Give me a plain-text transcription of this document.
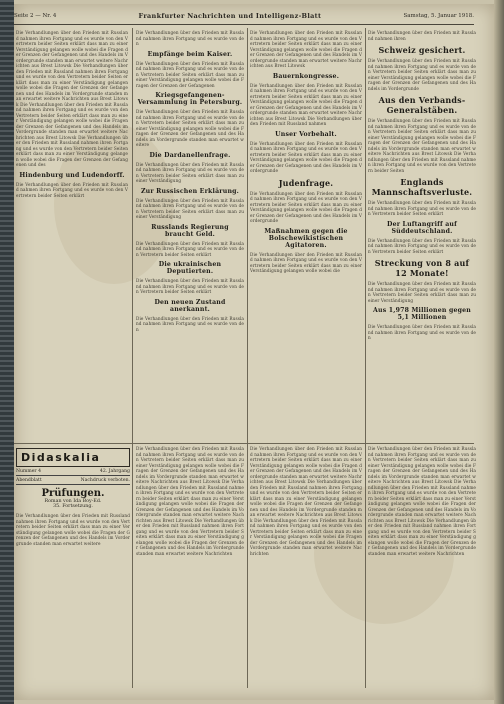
Seite 2 — Nr. 4	Frankfurter Nachrichten und Intelligenz-Blatt	Samstag, 5. Januar 1918.
Die Verhandlungen über den Frieden mit Russland nahmen ihren Fortgang und es wurde von den Vertretern beider Seiten erklärt dass man zu einer Verständigung gelangen wolle wobei die Fragen der Grenzen der Gefangenen und des Handels im Vordergrunde standen man erwartet weitere Nachrichten aus Brest Litowsk Die Verhandlungen über den Frieden mit Russland nahmen ihren Fortgang und es wurde von den Vertretern beider Seiten erklärt dass man zu einer Verständigung gelangen wolle wobei die Fragen der Grenzen der Gefangenen und des Handels im Vordergrunde standen man erwartet weitere Nachrichten aus Brest Litowsk Die Verhandlungen über den Frieden mit Russland nahmen ihren Fortgang und es wurde von den Vertretern beider Seiten erklärt dass man zu einer Verständigung gelangen wolle wobei die Fragen der Grenzen der Gefangenen und des Handels im Vordergrunde standen man erwartet weitere Nachrichten aus Brest Litowsk Die Verhandlungen über den Frieden mit Russland nahmen ihren Fortgang und es wurde von den Vertretern beider Seiten erklärt dass man zu einer Verständigung gelangen wolle wobei die Fragen der Grenzen der Gefangenen und des
Hindenburg und Ludendorff.
Die Verhandlungen über den Frieden mit Russland nahmen ihren Fortgang und es wurde von den Vertretern beider Seiten erklärt
Die Verhandlungen über den Frieden mit Russland nahmen ihren Fortgang und es wurde von den
Empfänge beim Kaiser.
Die Verhandlungen über den Frieden mit Russland nahmen ihren Fortgang und es wurde von den Vertretern beider Seiten erklärt dass man zu einer Verständigung gelangen wolle wobei die Fragen der Grenzen der Gefangenen
Kriegsgefangenen-Versammlung in Petersburg.
Die Verhandlungen über den Frieden mit Russland nahmen ihren Fortgang und es wurde von den Vertretern beider Seiten erklärt dass man zu einer Verständigung gelangen wolle wobei die Fragen der Grenzen der Gefangenen und des Handels im Vordergrunde standen man erwartet weitere
Die Dardanellenfrage.
Die Verhandlungen über den Frieden mit Russland nahmen ihren Fortgang und es wurde von den Vertretern beider Seiten erklärt dass man zu einer Verständigung
Zur Russischen Erklärung.
Die Verhandlungen über den Frieden mit Russland nahmen ihren Fortgang und es wurde von den Vertretern beider Seiten erklärt dass man zu einer Verständigung
Russlands Regierung braucht Geld.
Die Verhandlungen über den Frieden mit Russland nahmen ihren Fortgang und es wurde von den Vertretern beider Seiten erklärt
Die ukrainischen Deputierten.
Die Verhandlungen über den Frieden mit Russland nahmen ihren Fortgang und es wurde von den Vertretern beider Seiten erklärt
Den neuen Zustand anerkannt.
Die Verhandlungen über den Frieden mit Russland nahmen ihren Fortgang und es wurde von den
Die Verhandlungen über den Frieden mit Russland nahmen ihren Fortgang und es wurde von den Vertretern beider Seiten erklärt dass man zu einer Verständigung gelangen wolle wobei die Fragen der Grenzen der Gefangenen und des Handels im Vordergrunde standen man erwartet weitere Nachrichten aus Brest Litowsk
Bauernkongresse.
Die Verhandlungen über den Frieden mit Russland nahmen ihren Fortgang und es wurde von den Vertretern beider Seiten erklärt dass man zu einer Verständigung gelangen wolle wobei die Fragen der Grenzen der Gefangenen und des Handels im Vordergrunde standen man erwartet weitere Nachrichten aus Brest Litowsk Die Verhandlungen über den Frieden mit Russland nahmen
Unser Vorbehalt.
Die Verhandlungen über den Frieden mit Russland nahmen ihren Fortgang und es wurde von den Vertretern beider Seiten erklärt dass man zu einer Verständigung gelangen wolle wobei die Fragen der Grenzen der Gefangenen und des Handels im Vordergrunde
Judenfrage.
Die Verhandlungen über den Frieden mit Russland nahmen ihren Fortgang und es wurde von den Vertretern beider Seiten erklärt dass man zu einer Verständigung gelangen wolle wobei die Fragen der Grenzen der Gefangenen und des Handels im Vordergrunde
Maßnahmen gegen die Bolschewikistischen Agitatoren.
Die Verhandlungen über den Frieden mit Russland nahmen ihren Fortgang und es wurde von den Vertretern beider Seiten erklärt dass man zu einer Verständigung gelangen wolle wobei die
Die Verhandlungen über den Frieden mit Russland nahmen ihren
Schweiz gesichert.
Die Verhandlungen über den Frieden mit Russland nahmen ihren Fortgang und es wurde von den Vertretern beider Seiten erklärt dass man zu einer Verständigung gelangen wolle wobei die Fragen der Grenzen der Gefangenen und des Handels im Vordergrunde
Aus den Verbands-Generalstäben.
Die Verhandlungen über den Frieden mit Russland nahmen ihren Fortgang und es wurde von den Vertretern beider Seiten erklärt dass man zu einer Verständigung gelangen wolle wobei die Fragen der Grenzen der Gefangenen und des Handels im Vordergrunde standen man erwartet weitere Nachrichten aus Brest Litowsk Die Verhandlungen über den Frieden mit Russland nahmen ihren Fortgang und es wurde von den Vertretern beider Seiten
Englands Mannschaftsverluste.
Die Verhandlungen über den Frieden mit Russland nahmen ihren Fortgang und es wurde von den Vertretern beider Seiten erklärt
Der Luftangriff auf Süddeutschland.
Die Verhandlungen über den Frieden mit Russland nahmen ihren Fortgang und es wurde von den Vertretern beider Seiten erklärt
Streckung von 8 auf 12 Monate!
Die Verhandlungen über den Frieden mit Russland nahmen ihren Fortgang und es wurde von den Vertretern beider Seiten erklärt dass man zu einer Verständigung
Aus 1,978 Millionen gegen 5,1 Millionen
Die Verhandlungen über den Frieden mit Russland nahmen ihren Fortgang und es wurde von den
Didaskalia
Nummer 4	42. Jahrgang
Abendblatt	Nachdruck verboten.
Prüfungen.
Roman von Ida Boy-Ed.
35. Fortsetzung.
Die Verhandlungen über den Frieden mit Russland nahmen ihren Fortgang und es wurde von den Vertretern beider Seiten erklärt dass man zu einer Verständigung gelangen wolle wobei die Fragen der Grenzen der Gefangenen und des Handels im Vordergrunde standen man erwartet weitere
Die Verhandlungen über den Frieden mit Russland nahmen ihren Fortgang und es wurde von den Vertretern beider Seiten erklärt dass man zu einer Verständigung gelangen wolle wobei die Fragen der Grenzen der Gefangenen und des Handels im Vordergrunde standen man erwartet weitere Nachrichten aus Brest Litowsk Die Verhandlungen über den Frieden mit Russland nahmen ihren Fortgang und es wurde von den Vertretern beider Seiten erklärt dass man zu einer Verständigung gelangen wolle wobei die Fragen der Grenzen der Gefangenen und des Handels im Vordergrunde standen man erwartet weitere Nachrichten aus Brest Litowsk Die Verhandlungen über den Frieden mit Russland nahmen ihren Fortgang und es wurde von den Vertretern beider Seiten erklärt dass man zu einer Verständigung gelangen wolle wobei die Fragen der Grenzen der Gefangenen und des Handels im Vordergrunde standen man erwartet weitere Nachrichten
Die Verhandlungen über den Frieden mit Russland nahmen ihren Fortgang und es wurde von den Vertretern beider Seiten erklärt dass man zu einer Verständigung gelangen wolle wobei die Fragen der Grenzen der Gefangenen und des Handels im Vordergrunde standen man erwartet weitere Nachrichten aus Brest Litowsk Die Verhandlungen über den Frieden mit Russland nahmen ihren Fortgang und es wurde von den Vertretern beider Seiten erklärt dass man zu einer Verständigung gelangen wolle wobei die Fragen der Grenzen der Gefangenen und des Handels im Vordergrunde standen man erwartet weitere Nachrichten aus Brest Litowsk Die Verhandlungen über den Frieden mit Russland nahmen ihren Fortgang und es wurde von den Vertretern beider Seiten erklärt dass man zu einer Verständigung gelangen wolle wobei die Fragen der Grenzen der Gefangenen und des Handels im Vordergrunde standen man erwartet weitere Nachrichten
Die Verhandlungen über den Frieden mit Russland nahmen ihren Fortgang und es wurde von den Vertretern beider Seiten erklärt dass man zu einer Verständigung gelangen wolle wobei die Fragen der Grenzen der Gefangenen und des Handels im Vordergrunde standen man erwartet weitere Nachrichten aus Brest Litowsk Die Verhandlungen über den Frieden mit Russland nahmen ihren Fortgang und es wurde von den Vertretern beider Seiten erklärt dass man zu einer Verständigung gelangen wolle wobei die Fragen der Grenzen der Gefangenen und des Handels im Vordergrunde standen man erwartet weitere Nachrichten aus Brest Litowsk Die Verhandlungen über den Frieden mit Russland nahmen ihren Fortgang und es wurde von den Vertretern beider Seiten erklärt dass man zu einer Verständigung gelangen wolle wobei die Fragen der Grenzen der Gefangenen und des Handels im Vordergrunde standen man erwartet weitere Nachrichten
